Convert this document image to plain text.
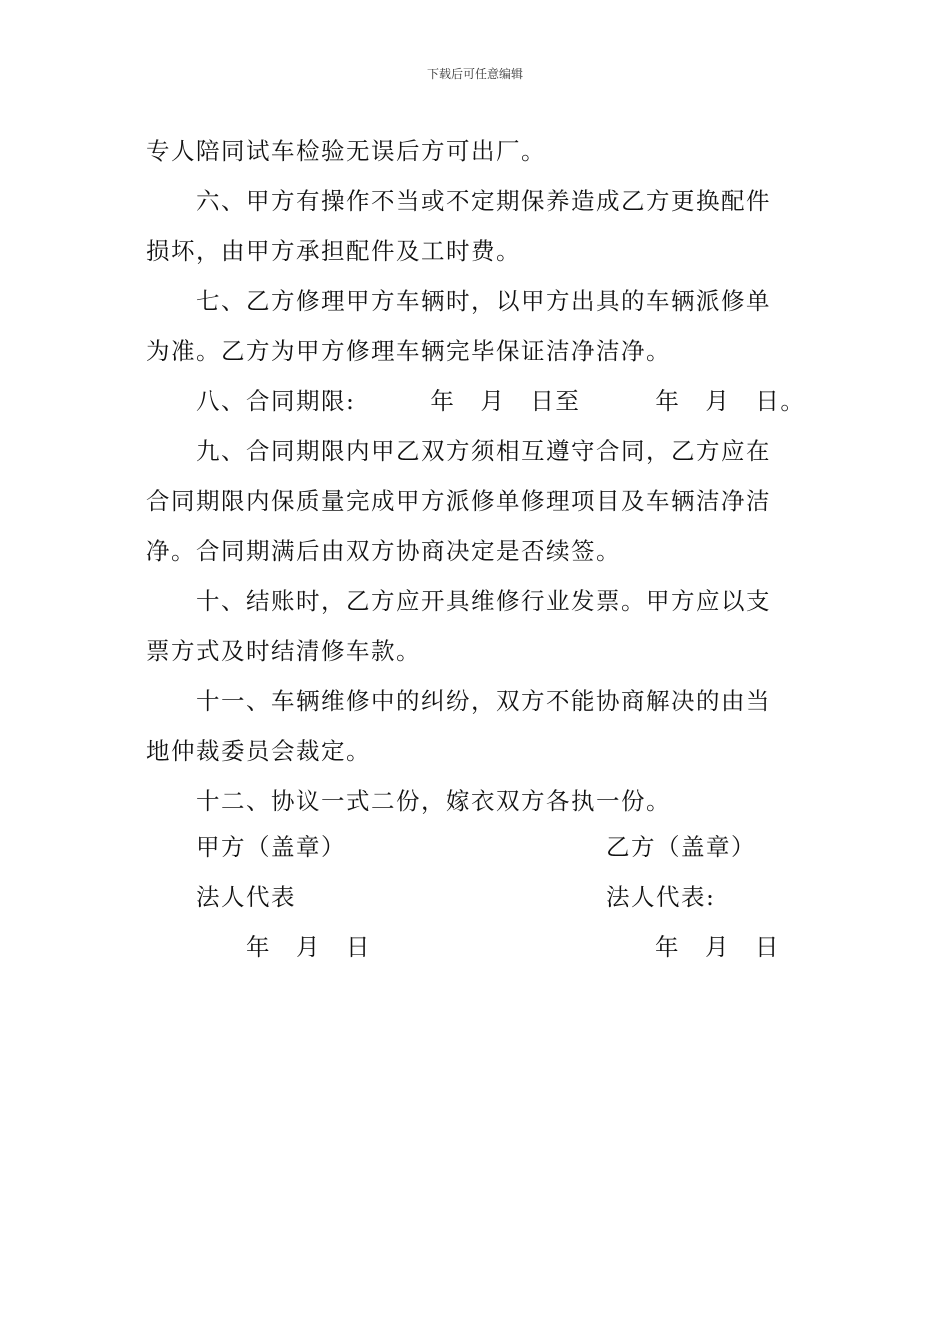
下载后可任意编辑
专人陪同试车检验无误后方可出厂。
六、甲方有操作不当或不定期保养造成乙方更换配件
损坏，由甲方承担配件及工时费。
七、乙方修理甲方车辆时，以甲方出具的车辆派修单
为准。乙方为甲方修理车辆完毕保证洁净洁净。
八、合同期限:　　　年　月　日至　　　年　月　日。
九、合同期限内甲乙双方须相互遵守合同，乙方应在
合同期限内保质量完成甲方派修单修理项目及车辆洁净洁
净。合同期满后由双方协商决定是否续签。
十、结账时，乙方应开具维修行业发票。甲方应以支
票方式及时结清修车款。
十一、车辆维修中的纠纷，双方不能协商解决的由当
地仲裁委员会裁定。
十二、协议一式二份，嫁衣双方各执一份。
甲方（盖章）	乙方（盖章）
法人代表	法人代表:
年　月　日	年　月　日
